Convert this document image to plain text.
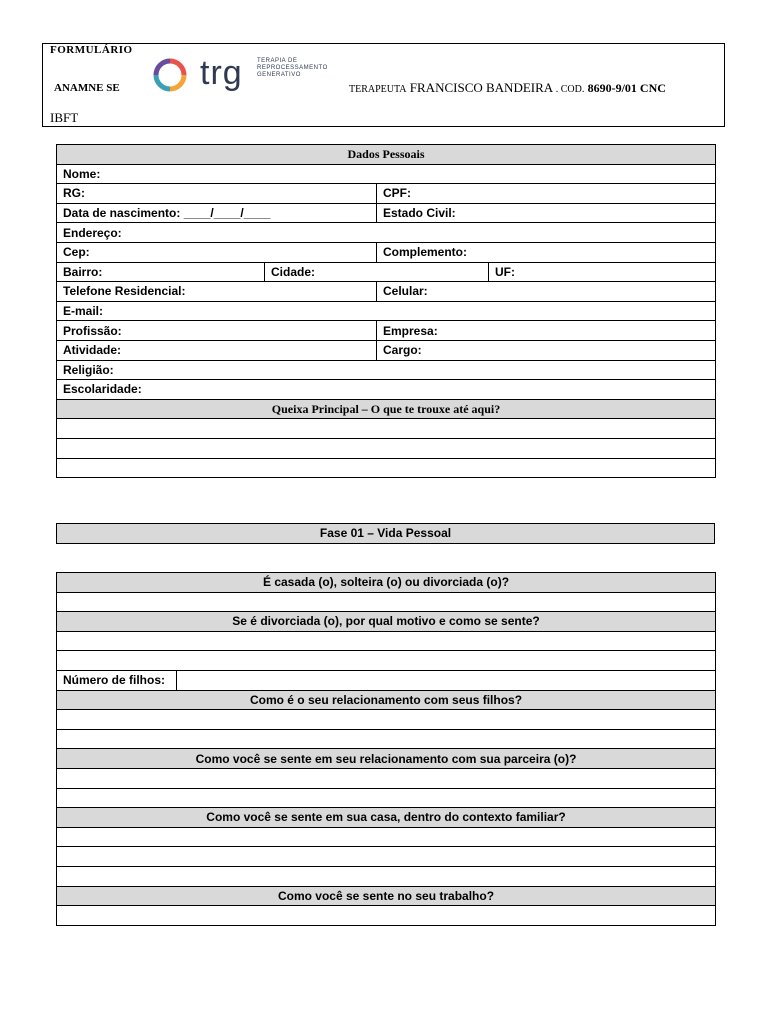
FORMULÁRIO
ANAMNE SE
IBFT
trg TERAPIA DE REPROCESSAMENTO GENERATIVO
TERAPEUTA FRANCISCO BANDEIRA . COD. 8690-9/01 CNC
Dados Pessoais			
Nome:			
RG:		CPF:	
Data de nascimento: ____/____/____		Estado Civil:	
Endereço:			
Cep:		Complemento:	
Bairro:	Cidade:		UF:
Telefone Residencial:		Celular:	
E-mail:			
Profissão:		Empresa:	
Atividade:		Cargo:	
Religião:			
Escolaridade:			
Queixa Principal – O que te trouxe até aqui?			

Fase 01 – Vida Pessoal
É casada (o), solteira (o) ou divorciada (o)?

Se é divorciada (o), por qual motivo e como se sente?

Número de filhos:	
Como é o seu relacionamento com seus filhos?

Como você se sente em seu relacionamento com sua parceira (o)?

Como você se sente em sua casa, dentro do contexto familiar?

Como você se sente no seu trabalho?
